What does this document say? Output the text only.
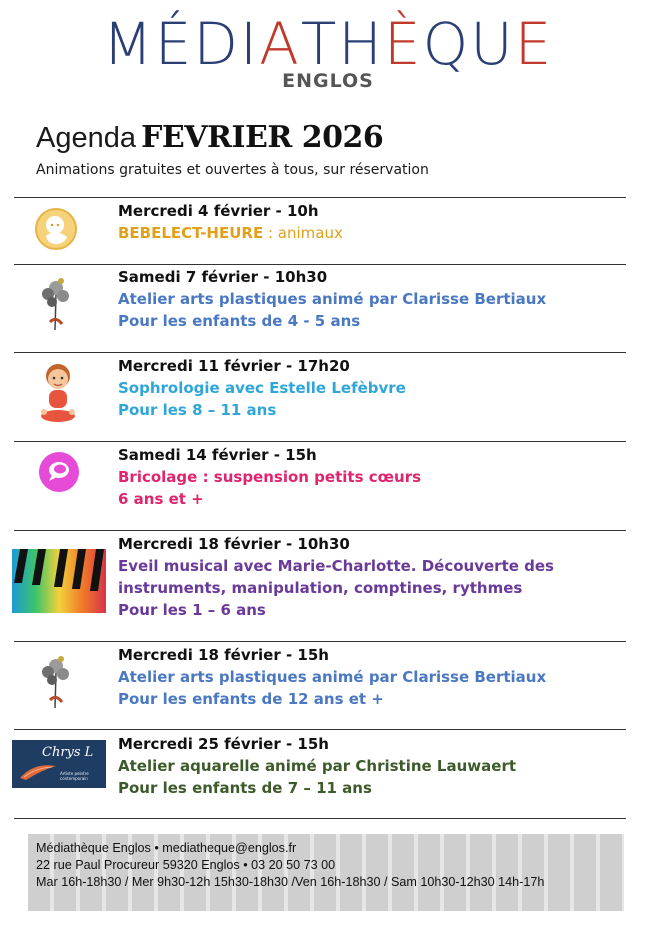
MÉDIATHÈQUE
ENGLOS
Agenda FEVRIER 2026
Animations gratuites et ouvertes à tous, sur réservation
Mercredi 4 février - 10h
BEBELECT-HEURE : animaux
Samedi 7 février - 10h30
Atelier arts plastiques animé par Clarisse Bertiaux
Pour les enfants de 4 - 5 ans
Mercredi 11 février - 17h20
Sophrologie avec Estelle Lefèbvre
Pour les 8 – 11 ans
Samedi 14 février - 15h
Bricolage : suspension petits cœurs
6 ans et +
Mercredi 18 février - 10h30
Eveil musical avec Marie-Charlotte. Découverte des
instruments, manipulation, comptines, rythmes
Pour les 1 – 6 ans
Mercredi 18 février - 15h
Atelier arts plastiques animé par Clarisse Bertiaux
Pour les enfants de 12 ans et +
Chrys L
Artiste peintre contemporain
Mercredi 25 février - 15h
Atelier aquarelle animé par Christine Lauwaert
Pour les enfants de 7 – 11 ans
Médiathèque Englos • mediatheque@englos.fr
22 rue Paul Procureur 59320 Englos • 03 20 50 73 00
Mar 16h-18h30 / Mer 9h30-12h 15h30-18h30 /Ven 16h-18h30 / Sam 10h30-12h30 14h-17h
